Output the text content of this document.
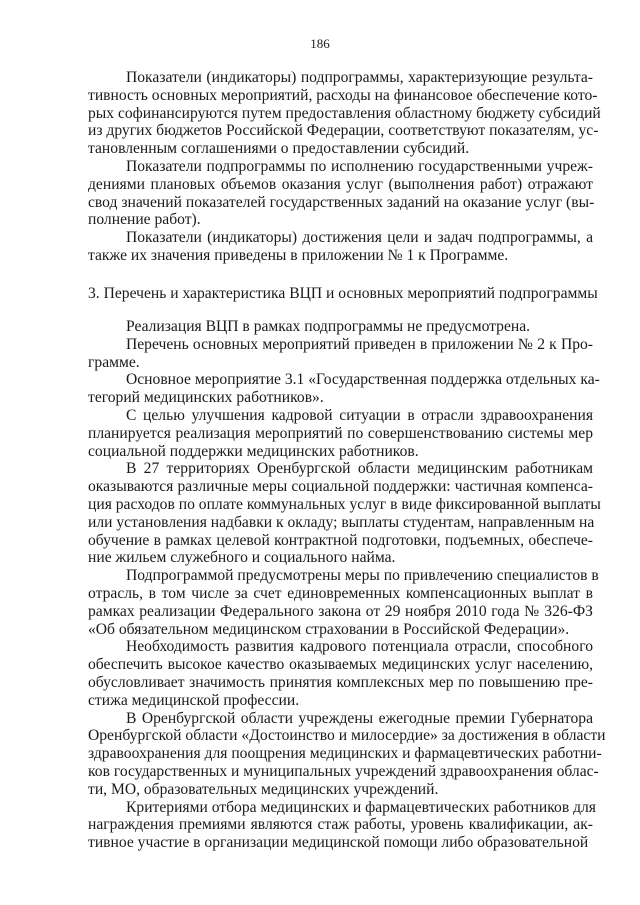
186
Показатели (индикаторы) подпрограммы, характеризующие результа-
тивность основных мероприятий, расходы на финансовое обеспечение кото-
рых софинансируются путем предоставления областному бюджету субсидий
из других бюджетов Российской Федерации, соответствуют показателям, ус-
тановленным соглашениями о предоставлении субсидий.
Показатели подпрограммы по исполнению государственными учреж-
дениями плановых объемов оказания услуг (выполнения работ) отражают
свод значений показателей государственных заданий на оказание услуг (вы-
полнение работ).
Показатели (индикаторы) достижения цели и задач подпрограммы, а
также их значения приведены в приложении № 1 к Программе.
3. Перечень и характеристика ВЦП и основных мероприятий подпрограммы
Реализация ВЦП в рамках подпрограммы не предусмотрена.
Перечень основных мероприятий приведен в приложении № 2 к Про-
грамме.
Основное мероприятие 3.1 «Государственная поддержка отдельных ка-
тегорий медицинских работников».
С целью улучшения кадровой ситуации в отрасли здравоохранения
планируется реализация мероприятий по совершенствованию системы мер
социальной поддержки медицинских работников.
В 27 территориях Оренбургской области медицинским работникам
оказываются различные меры социальной поддержки: частичная компенса-
ция расходов по оплате коммунальных услуг в виде фиксированной выплаты
или установления надбавки к окладу; выплаты студентам, направленным на
обучение в рамках целевой контрактной подготовки, подъемных, обеспече-
ние жильем служебного и социального найма.
Подпрограммой предусмотрены меры по привлечению специалистов в
отрасль, в том числе за счет единовременных компенсационных выплат в
рамках реализации Федерального закона от 29 ноября 2010 года № 326-ФЗ
«Об обязательном медицинском страховании в Российской Федерации».
Необходимость развития кадрового потенциала отрасли, способного
обеспечить высокое качество оказываемых медицинских услуг населению,
обусловливает значимость принятия комплексных мер по повышению пре-
стижа медицинской профессии.
В Оренбургской области учреждены ежегодные премии Губернатора
Оренбургской области «Достоинство и милосердие» за достижения в области
здравоохранения для поощрения медицинских и фармацевтических работни-
ков государственных и муниципальных учреждений здравоохранения облас-
ти, МО, образовательных медицинских учреждений.
Критериями отбора медицинских и фармацевтических работников для
награждения премиями являются стаж работы, уровень квалификации, ак-
тивное участие в организации медицинской помощи либо образовательной
